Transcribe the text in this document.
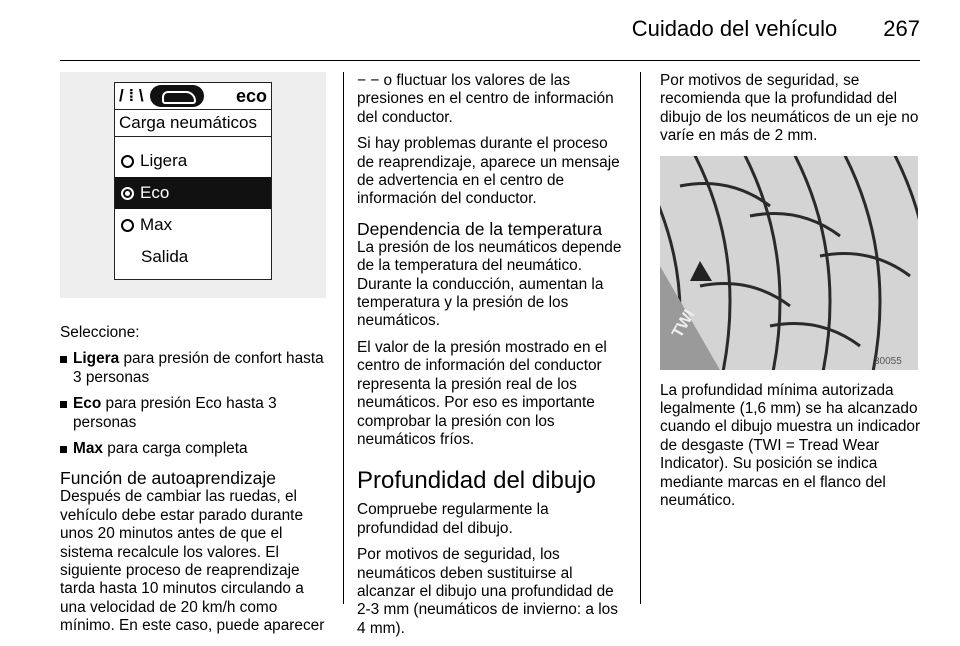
Cuidado del vehículo 267
/ ⁞ \	eco
Carga neumáticos
Ligera
Eco
Max
Salida

Seleccione:

Ligera para presión de confort hasta 3 personas
Eco para presión Eco hasta 3 personas
Max para carga completa
Función de autoaprendizaje

Después de cambiar las ruedas, el vehículo debe estar parado durante unos 20 minutos antes de que el sistema recalcule los valores. El siguiente proceso de reaprendizaje tarda hasta 10 minutos circulando a una velocidad de 20 km/h como mínimo. En este caso, puede aparecer

− − o fluctuar los valores de las presiones en el centro de información del conductor.

Si hay problemas durante el proceso de reaprendizaje, aparece un mensaje de advertencia en el centro de información del conductor.

Dependencia de la temperatura

La presión de los neumáticos depende de la temperatura del neumático. Durante la conducción, aumentan la temperatura y la presión de los neumáticos.

El valor de la presión mostrado en el centro de información del conductor representa la presión real de los neumáticos. Por eso es importante comprobar la presión con los neumáticos fríos.

Profundidad del dibujo

Compruebe regularmente la profundidad del dibujo.

Por motivos de seguridad, los neumáticos deben sustituirse al alcanzar el dibujo una profundidad de 2-3 mm (neumáticos de invierno: a los 4 mm).

Por motivos de seguridad, se recomienda que la profundidad del dibujo de los neumáticos de un eje no varíe en más de 2 mm.

TWI
30055

La profundidad mínima autorizada legalmente (1,6 mm) se ha alcanzado cuando el dibujo muestra un indicador de desgaste (TWI = Tread Wear Indicator). Su posición se indica mediante marcas en el flanco del neumático.
